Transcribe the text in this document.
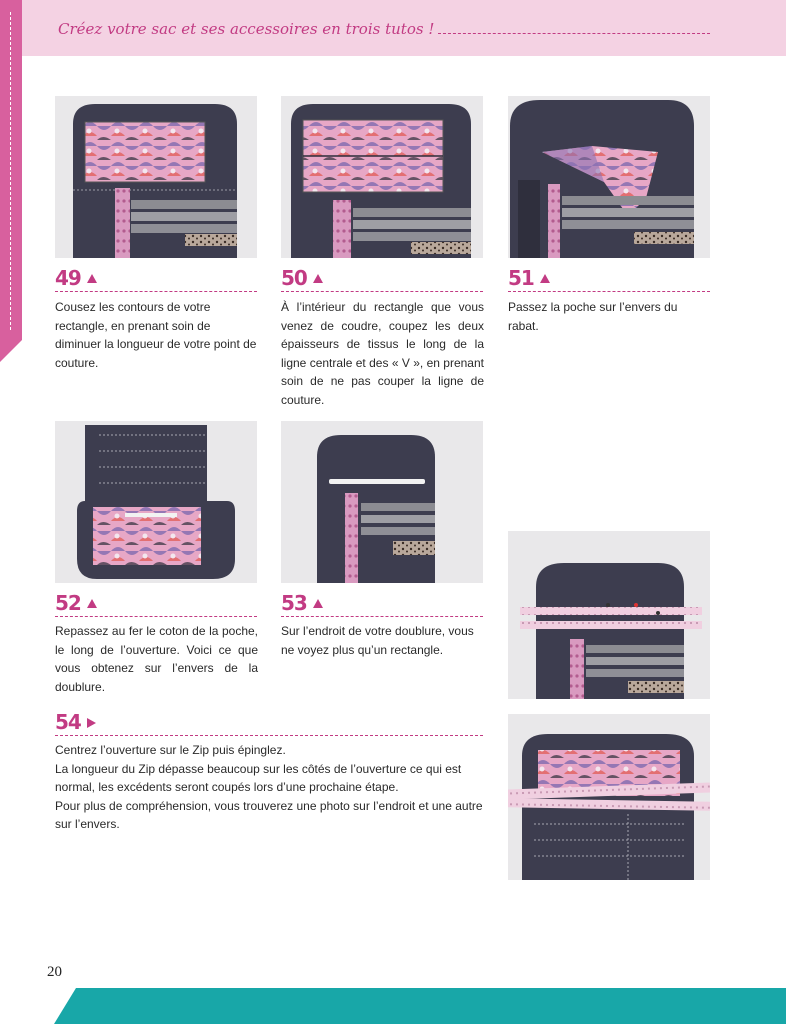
Créez votre sac et ses accessoires en trois tutos !
49
Cousez les contours de votre rectangle, en prenant soin de diminuer la longueur de votre point de couture.
50
À l’intérieur du rectangle que vous venez de coudre, coupez les deux épaisseurs de tissus le long de la ligne centrale et des « V », en prenant soin de ne pas couper la ligne de couture.
51
Passez la poche sur l’envers du rabat.
52
Repassez au fer le coton de la poche, le long de l’ouverture. Voici ce que vous obtenez sur l’envers de la doublure.
53
Sur l’endroit de votre doublure, vous ne voyez plus qu’un rectangle.
54
Centrez l’ouverture sur le Zip puis épinglez.
La longueur du Zip dépasse beaucoup sur les côtés de l’ouverture ce qui est normal, les excédents seront coupés lors d’une prochaine étape.
Pour plus de compréhension, vous trouverez une photo sur l’endroit et une autre sur l’envers.
20
